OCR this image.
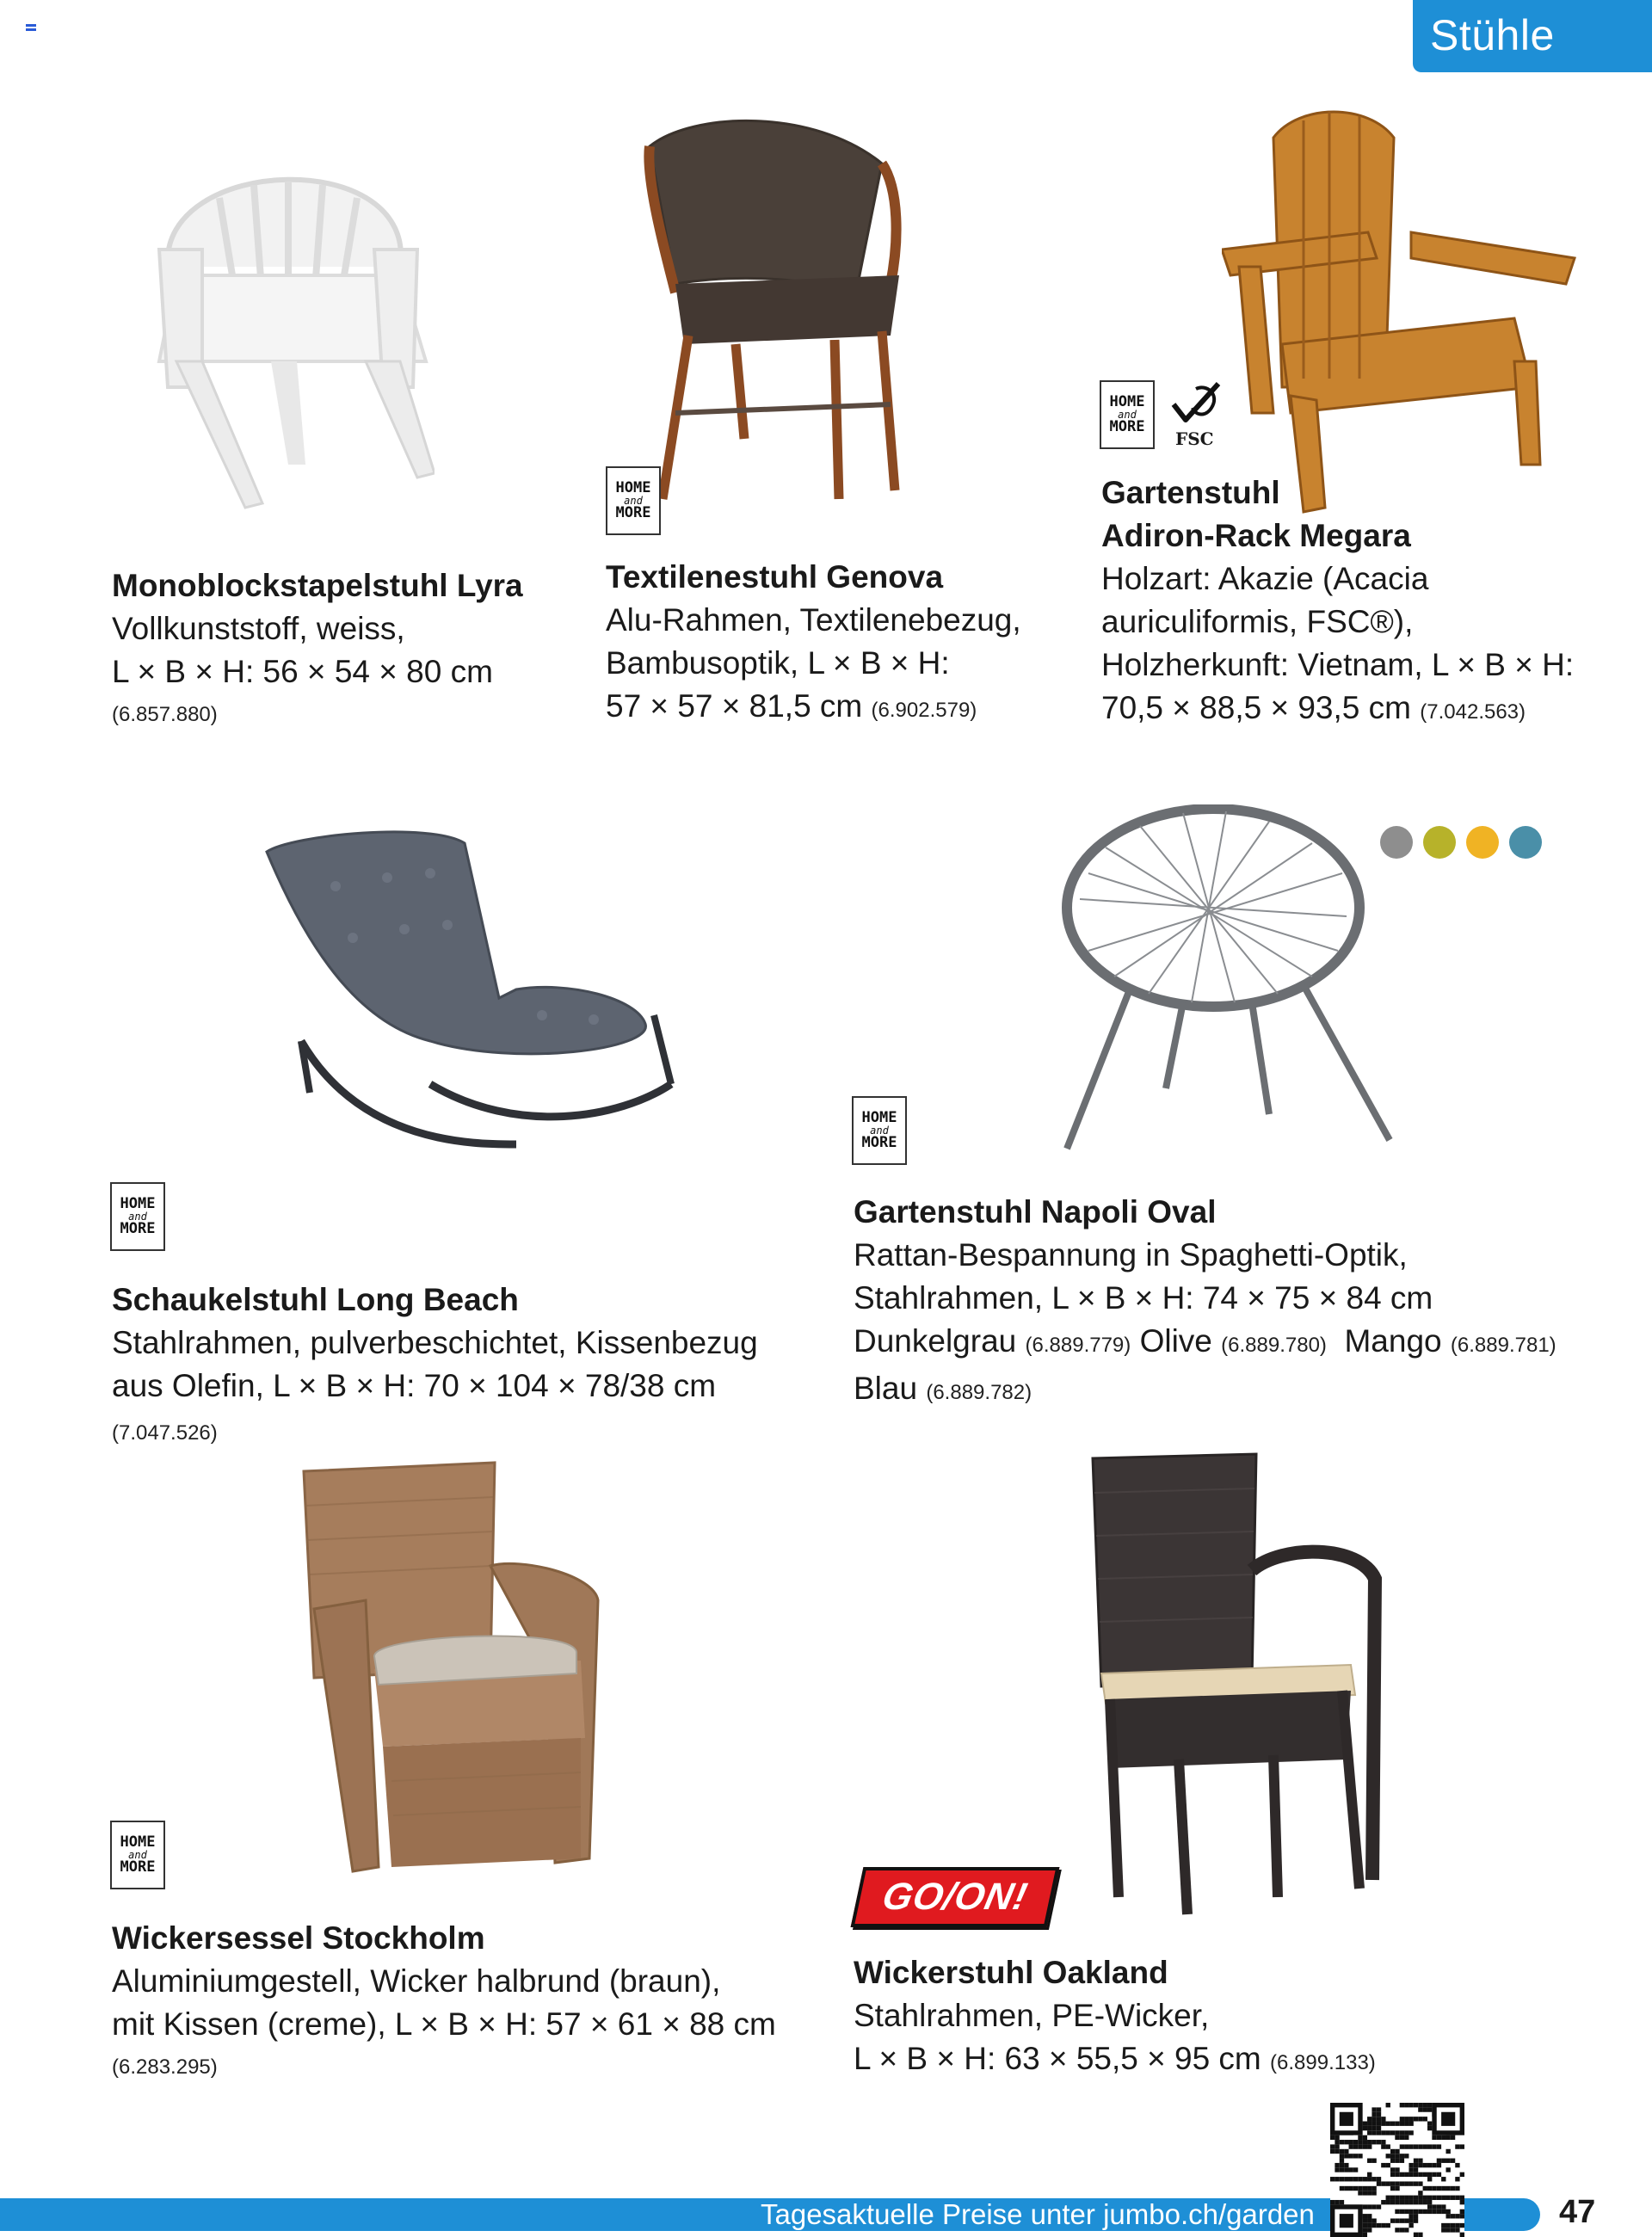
Stühle
Monoblockstapelstuhl Lyra
Vollkunststoff, weiss,
L × B × H: 56 × 54 × 80 cm
(6.857.880)
HOME
and
MORE
Textilenestuhl Genova
Alu-Rahmen, Textilenebezug,
Bambusoptik, L × B × H:
57 × 57 × 81,5 cm (6.902.579)
HOME
and
MORE
FSC
Gartenstuhl
Adiron-Rack Megara
Holzart: Akazie (Acacia
auriculiformis, FSC®),
Holzherkunft: Vietnam, L × B × H:
70,5 × 88,5 × 93,5 cm (7.042.563)
HOME
and
MORE
Schaukelstuhl Long Beach
Stahlrahmen, pulverbeschichtet, Kissenbezug
aus Olefin, L × B × H: 70 × 104 × 78/38 cm (7.047.526)
HOME
and
MORE
Gartenstuhl Napoli Oval
Rattan-Bespannung in Spaghetti-Optik,
Stahlrahmen, L × B × H: 74 × 75 × 84 cm
Dunkelgrau (6.889.779) Olive (6.889.780) Mango (6.889.781)
Blau (6.889.782)
HOME
and
MORE
Wickersessel Stockholm
Aluminiumgestell, Wicker halbrund (braun),
mit Kissen (creme), L × B × H: 57 × 61 × 88 cm
(6.283.295)
GO/ON!
Wickerstuhl Oakland
Stahlrahmen, PE-Wicker,
L × B × H: 63 × 55,5 × 95 cm (6.899.133)
Tagesaktuelle Preise unter jumbo.ch/garden	47
